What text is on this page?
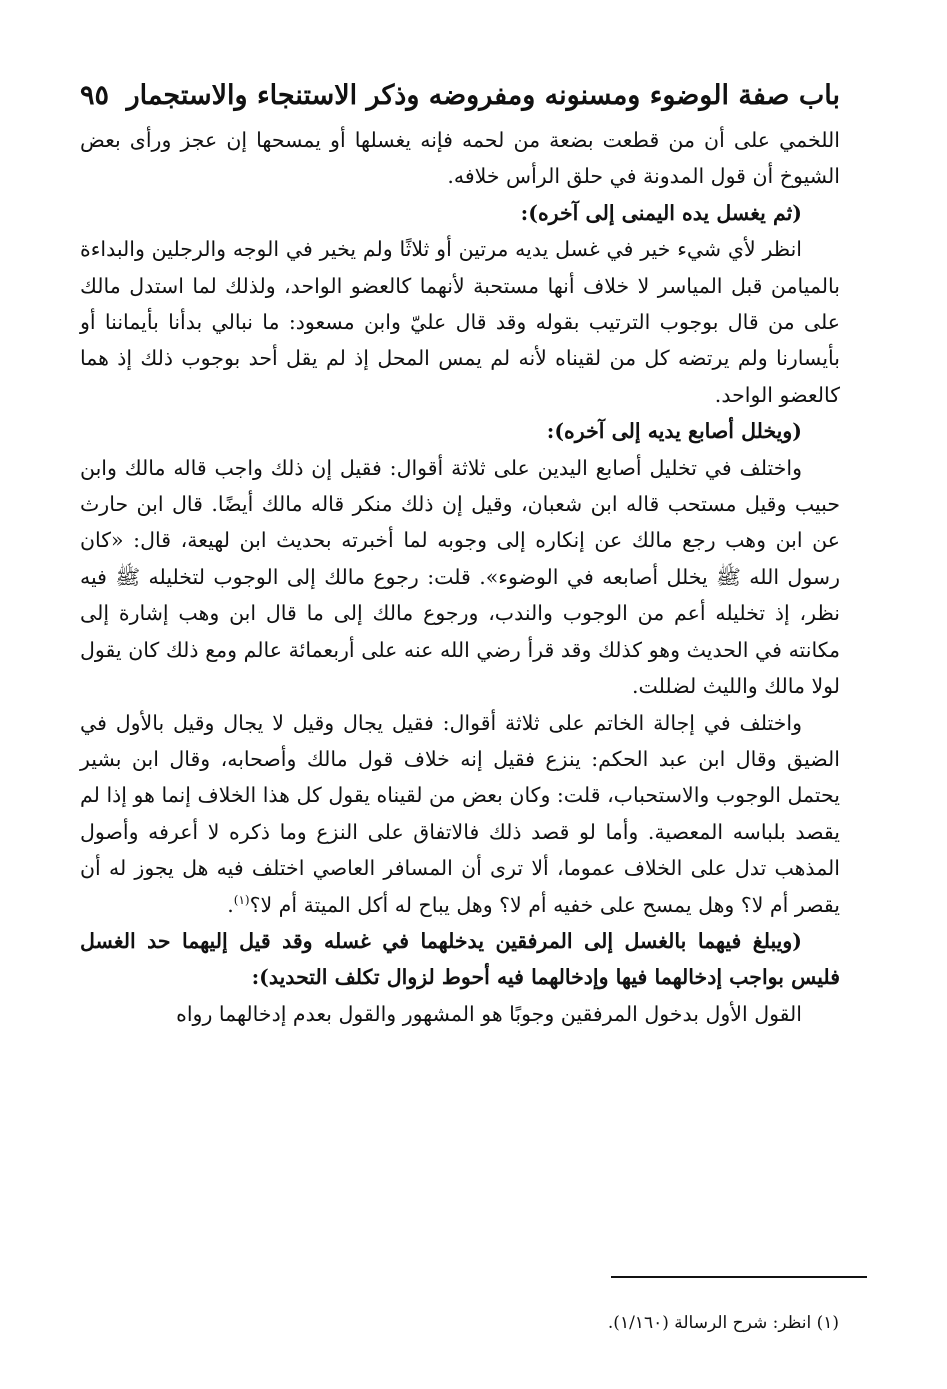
باب صفة الوضوء ومسنونه ومفروضه وذكر الاستنجاء والاستجمار
٩٥

اللخمي على أن من قطعت بضعة من لحمه فإنه يغسلها أو يمسحها إن عجز ورأى بعض الشيوخ أن قول المدونة في حلق الرأس خلافه.

(ثم يغسل يده اليمنى إلى آخره):

انظر لأي شيء خير في غسل يديه مرتين أو ثلاثًا ولم يخير في الوجه والرجلين والبداءة بالميامن قبل المياسر لا خلاف أنها مستحبة لأنهما كالعضو الواحد، ولذلك لما استدل مالك على من قال بوجوب الترتيب بقوله وقد قال عليّ وابن مسعود: ما نبالي بدأنا بأيماننا أو بأيسارنا ولم يرتضه كل من لقيناه لأنه لم يمس المحل إذ لم يقل أحد بوجوب ذلك إذ هما كالعضو الواحد.

(ويخلل أصابع يديه إلى آخره):

واختلف في تخليل أصابع اليدين على ثلاثة أقوال: فقيل إن ذلك واجب قاله مالك وابن حبيب وقيل مستحب قاله ابن شعبان، وقيل إن ذلك منكر قاله مالك أيضًا. قال ابن حارث عن ابن وهب رجع مالك عن إنكاره إلى وجوبه لما أخبرته بحديث ابن لهيعة، قال: «كان رسول الله ﷺ يخلل أصابعه في الوضوء». قلت: رجوع مالك إلى الوجوب لتخليله ﷺ فيه نظر، إذ تخليله أعم من الوجوب والندب، ورجوع مالك إلى ما قال ابن وهب إشارة إلى مكانته في الحديث وهو كذلك وقد قرأ رضي الله عنه على أربعمائة عالم ومع ذلك كان يقول لولا مالك والليث لضللت.

واختلف في إجالة الخاتم على ثلاثة أقوال: فقيل يجال وقيل لا يجال وقيل بالأول في الضيق وقال ابن عبد الحكم: ينزع فقيل إنه خلاف قول مالك وأصحابه، وقال ابن بشير يحتمل الوجوب والاستحباب، قلت: وكان بعض من لقيناه يقول كل هذا الخلاف إنما هو إذا لم يقصد بلباسه المعصية. وأما لو قصد ذلك فالاتفاق على النزع وما ذكره لا أعرفه وأصول المذهب تدل على الخلاف عموما، ألا ترى أن المسافر العاصي اختلف فيه هل يجوز له أن يقصر أم لا؟ وهل يمسح على خفيه أم لا؟ وهل يباح له أكل الميتة أم لا؟$^{(١)}$.

(ويبلغ فيهما بالغسل إلى المرفقين يدخلهما في غسله وقد قيل إليهما حد الغسل فليس بواجب إدخالهما فيها وإدخالهما فيه أحوط لزوال تكلف التحديد):

القول الأول بدخول المرفقين وجوبًا هو المشهور والقول بعدم إدخالهما رواه

(١) انظر: شرح الرسالة (١/١٦٠).
